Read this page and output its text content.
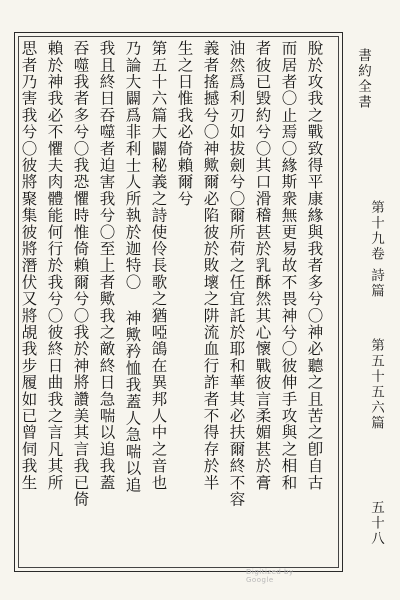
脫於攻我之戰致得平康緣與我者多兮〇神必聽之且苦之卽自古
而居者〇止焉〇緣斯衆無更易故不畏神兮〇彼伸手攻與之相和
者彼已毀約兮〇其口滑稽甚於乳酥然其心懷戰彼言柔媚甚於膏
油然爲利刃如拔劍兮〇爾所荷之任宜託於耶和華其必扶爾終不容
義者搖撼兮〇神歟爾必陷彼於敗壞之阱流血行詐者不得存於半
生之日惟我必倚賴爾兮
第五十六篇大闢秘義之詩使伶長歌之猶啞鴿在異邦人中之音也
乃論大闢爲非利士人所執於迦特〇 神歟矜恤我蓋人急喘以追
我且終日吞噬者迫害我兮〇至上者歟我之敵終日急喘以追我蓋
吞噬我者多兮〇我恐懼時惟倚賴爾兮〇我於神將讚美其言我已倚
賴於神我必不懼夫肉體能何行於我兮〇彼終日曲我之言凡其所
思者乃害我兮〇彼將聚集彼將潛伏又將覘我步履如已曾伺我生	書約全書
第十九卷
詩篇
第五十五六篇
五十八
Digitized by Google
